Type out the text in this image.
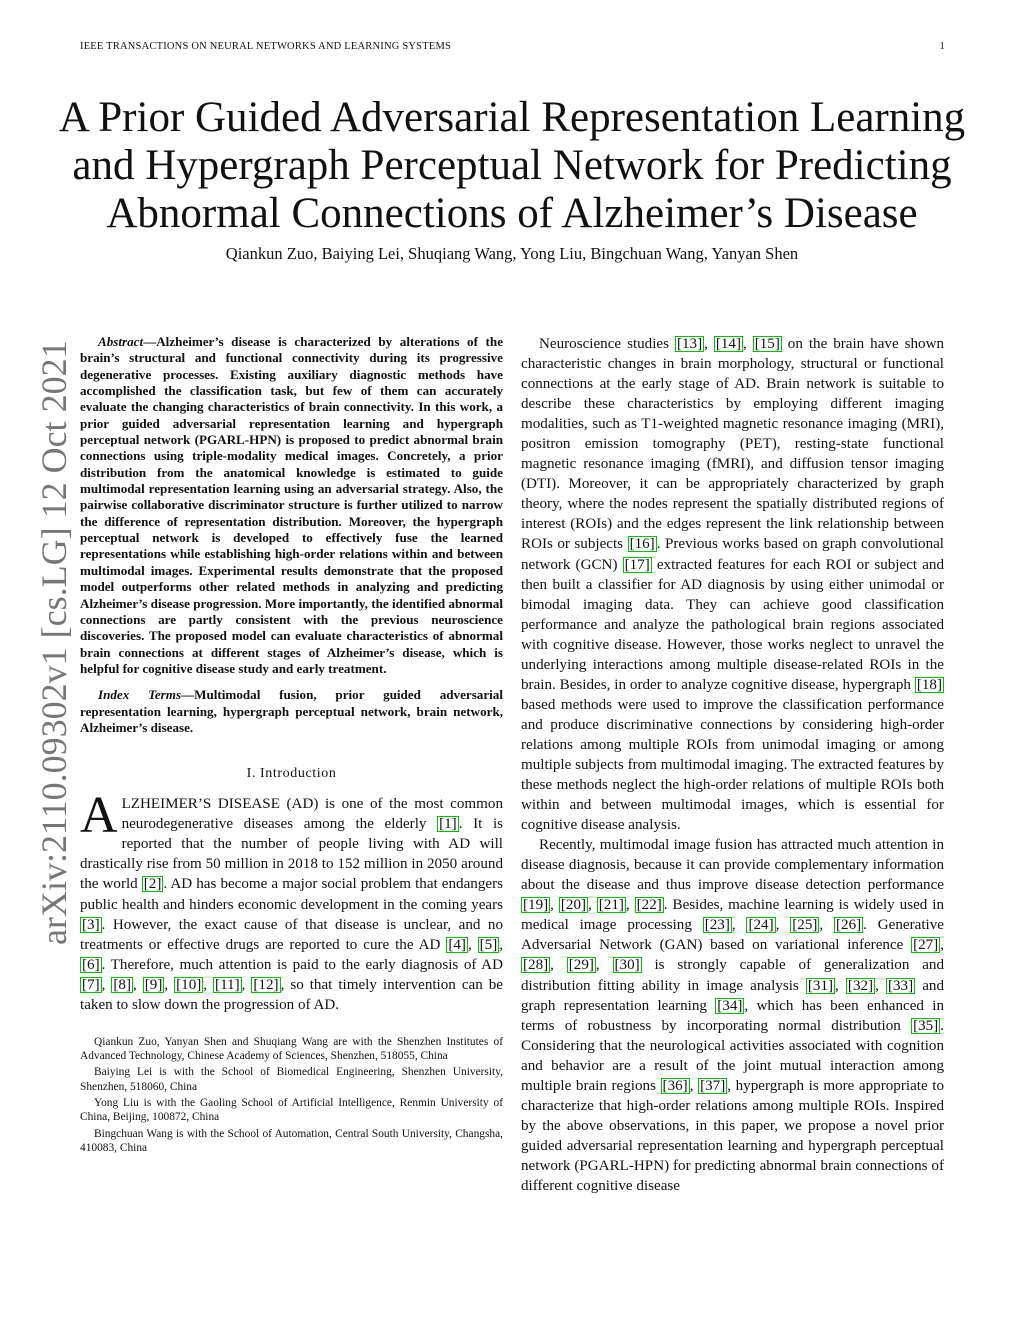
IEEE TRANSACTIONS ON NEURAL NETWORKS AND LEARNING SYSTEMS	1
A Prior Guided Adversarial Representation Learning
and Hypergraph Perceptual Network for Predicting
Abnormal Connections of Alzheimer’s Disease
Qiankun Zuo, Baiying Lei, Shuqiang Wang, Yong Liu, Bingchuan Wang, Yanyan Shen
arXiv:2110.09302v1 [cs.LG] 12 Oct 2021	Abstract—Alzheimer’s disease is characterized by alterations of the brain’s structural and functional connectivity during its progressive degenerative processes. Existing auxiliary diagnostic methods have accomplished the classification task, but few of them can accurately evaluate the changing characteristics of brain connectivity. In this work, a prior guided adversarial representation learning and hypergraph perceptual network (PGARL-HPN) is proposed to predict abnormal brain connections using triple-modality medical images. Concretely, a prior distribution from the anatomical knowledge is estimated to guide multimodal representation learning using an adversarial strategy. Also, the pairwise collaborative discriminator structure is further utilized to narrow the difference of representation distribution. Moreover, the hypergraph perceptual network is developed to effectively fuse the learned representations while establishing high-order relations within and between multimodal images. Experimental results demonstrate that the proposed model outperforms other related methods in analyzing and predicting Alzheimer’s disease progression. More importantly, the identified abnormal connections are partly consistent with the previous neuroscience discoveries. The proposed model can evaluate characteristics of abnormal brain connections at different stages of Alzheimer’s disease, which is helpful for cognitive disease study and early treatment.

Index Terms—Multimodal fusion, prior guided adversarial representation learning, hypergraph perceptual network, brain network, Alzheimer’s disease.

I. Introduction

ALZHEIMER’S DISEASE (AD) is one of the most common neurodegenerative diseases among the elderly [1] . It is reported that the number of people living with AD will drastically rise from 50 million in 2018 to 152 million in 2050 around the world [2] . AD has become a major social problem that endangers public health and hinders economic development in the coming years [3] . However, the exact cause of that disease is unclear, and no treatments or effective drugs are reported to cure the AD [4] , [5] , [6] . Therefore, much attention is paid to the early diagnosis of AD [7] , [8] , [9] , [10] , [11] , [12] , so that timely intervention can be taken to slow down the progression of AD.

Qiankun Zuo, Yanyan Shen and Shuqiang Wang are with the Shenzhen Institutes of Advanced Technology, Chinese Academy of Sciences, Shenzhen, 518055, China

Baiying Lei is with the School of Biomedical Engineering, Shenzhen University, Shenzhen, 518060, China

Yong Liu is with the Gaoling School of Artificial Intelligence, Renmin University of China, Beijing, 100872, China

Bingchuan Wang is with the School of Automation, Central South University, Changsha, 410083, China

Neuroscience studies [13] , [14] , [15] on the brain have shown characteristic changes in brain morphology, structural or functional connections at the early stage of AD. Brain network is suitable to describe these characteristics by employing different imaging modalities, such as T1-weighted magnetic resonance imaging (MRI), positron emission tomography (PET), resting-state functional magnetic resonance imaging (fMRI), and diffusion tensor imaging (DTI). Moreover, it can be appropriately characterized by graph theory, where the nodes represent the spatially distributed regions of interest (ROIs) and the edges represent the link relationship between ROIs or subjects [16] . Previous works based on graph convolutional network (GCN) [17] extracted features for each ROI or subject and then built a classifier for AD diagnosis by using either unimodal or bimodal imaging data. They can achieve good classification performance and analyze the pathological brain regions associated with cognitive disease. However, those works neglect to unravel the underlying interactions among multiple disease-related ROIs in the brain. Besides, in order to analyze cognitive disease, hypergraph [18] based methods were used to improve the classification performance and produce discriminative connections by considering high-order relations among multiple ROIs from unimodal imaging or among multiple subjects from multimodal imaging. The extracted features by these methods neglect the high-order relations of multiple ROIs both within and between multimodal images, which is essential for cognitive disease analysis.

Recently, multimodal image fusion has attracted much attention in disease diagnosis, because it can provide complementary information about the disease and thus improve disease detection performance [19] , [20] , [21] , [22] . Besides, machine learning is widely used in medical image processing [23] , [24] , [25] , [26] . Generative Adversarial Network (GAN) based on variational inference [27] , [28] , [29] , [30] is strongly capable of generalization and distribution fitting ability in image analysis [31] , [32] , [33] and graph representation learning [34] , which has been enhanced in terms of robustness by incorporating normal distribution [35] . Considering that the neurological activities associated with cognition and behavior are a result of the joint mutual interaction among multiple brain regions [36] , [37] , hypergraph is more appropriate to characterize that high-order relations among multiple ROIs. Inspired by the above observations, in this paper, we propose a novel prior guided adversarial representation learning and hypergraph perceptual network (PGARL-HPN) for predicting abnormal brain connections of different cognitive disease
